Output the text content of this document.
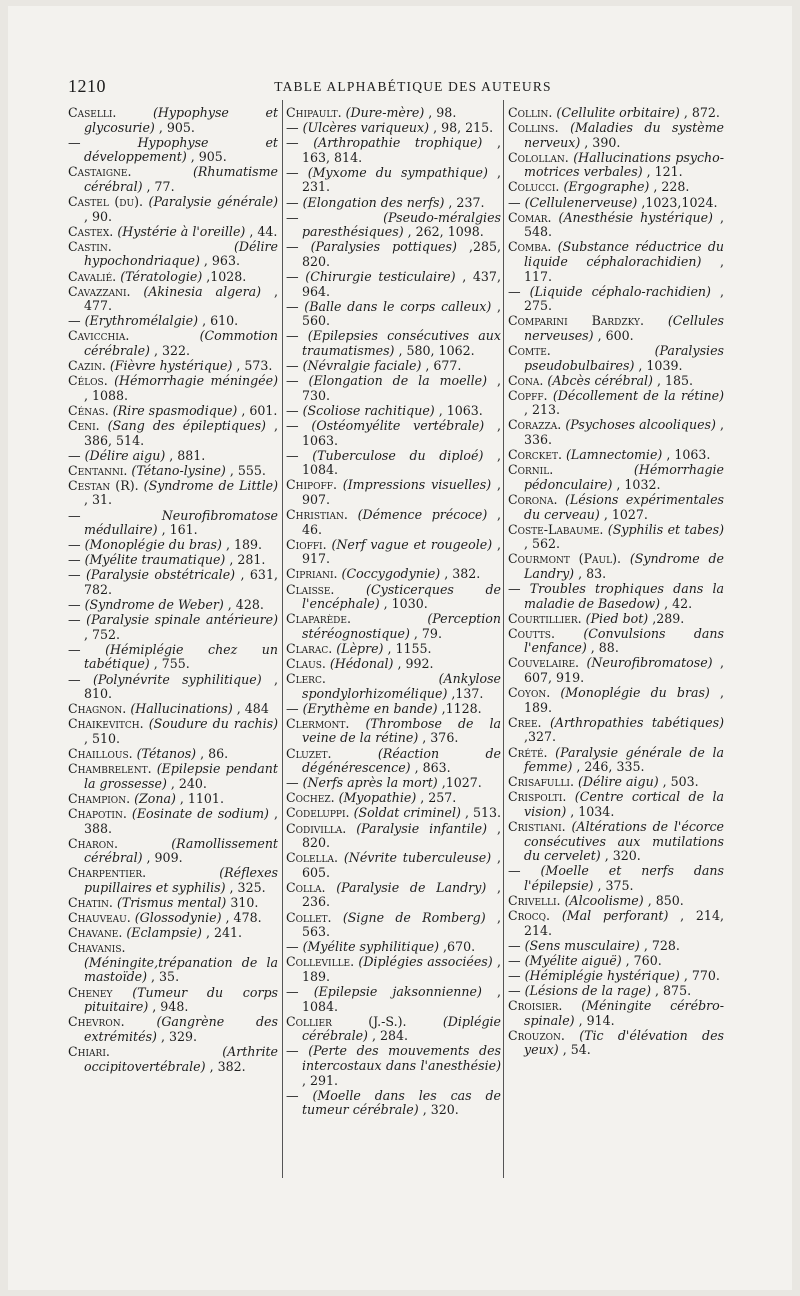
1210	TABLE ALPHABÉTIQUE DES AUTEURS
Caselli.	(Hypophyse et glycosurie) , 905.
—	Hypophyse et développement) , 905.
Castaigne.	(Rhumatisme cérébral) , 77.
Castel (du). (Paralysie générale) , 90.
Castex. (Hystérie à l'oreille) , 44.
Castin.	(Délire hypochondriaque) , 963.
Cavalié. (Tératologie) ,1028.
Cavazzani. (Akinesia algera) , 477.
— (Erythromélalgie) , 610.
Cavicchia.	(Commotion cérébrale) , 322.
Cazin. (Fièvre hystérique) , 573.
Célos. (Hémorrhagie méningée) , 1088.
Cénas. (Rire spasmodique) , 601.
Ceni. (Sang des épileptiques) , 386, 514.
— (Délire aigu) , 881.
Centanni. (Tétano-lysine) , 555.
Cestan (R). (Syndrome de Little) , 31.
—	Neurofibromatose médullaire) , 161.
— (Monoplégie du bras) , 189.
— (Myélite traumatique) , 281.
— (Paralysie obstétricale) , 631, 782.
— (Syndrome de Weber) , 428.
— (Paralysie spinale antérieure) , 752.
— (Hémiplégie chez un tabétique) , 755.
— (Polynévrite syphilitique) , 810.
Chagnon. (Hallucinations) , 484
Chaikevitch. (Soudure du rachis) , 510.
Chaillous. (Tétanos) , 86.
Chambrelent. (Epilepsie pendant la grossesse) , 240.
Champion. (Zona) , 1101.
Chapotin. (Eosinate de sodium) , 388.
Charon.	(Ramollissement cérébral) , 909.
Charpentier.	(Réflexes pupillaires et syphilis) , 325.
Chatin. (Trismus mental) 310.
Chauveau. (Glossodynie) , 478.
Chavane. (Eclampsie) , 241.
Chavanis. (Méningite,trépanation de la mastoïde) , 35.
Cheney (Tumeur du corps pituitaire) , 948.
Chevron.	(Gangrène des extrémités) , 329.
Chiari.	(Arthrite occipitovertébrale) , 382.
Chipault. (Dure-mère) , 98.
— (Ulcères variqueux) , 98, 215.
— (Arthropathie trophique) , 163, 814.
— (Myxome du sympathique) , 231.
— (Elongation des nerfs) , 237.
—	(Pseudo-méralgies paresthésiques) , 262, 1098.
— (Paralysies pottiques) ,285, 820.
— (Chirurgie testiculaire) , 437, 964.
— (Balle dans le corps calleux) , 560.
— (Epilepsies consécutives aux traumatismes) , 580, 1062.
— (Névralgie faciale) , 677.
— (Elongation de la moelle) , 730.
— (Scoliose rachitique) , 1063.
— (Ostéomyélite vertébrale) , 1063.
— (Tuberculose du diploé) , 1084.
Chipoff. (Impressions visuelles) , 907.
Christian. (Démence précoce) , 46.
Cioffi. (Nerf vague et rougeole) , 917.
Cipriani. (Coccygodynie) , 382.
Claisse.	(Cysticerques de l'encéphale) , 1030.
Claparède.	(Perception stéréognostique) , 79.
Clarac. (Lèpre) , 1155.
Claus. (Hédonal) , 992.
Clerc.	(Ankylose spondylorhizomélique) ,137.
— (Erythème en bande) ,1128.
Clermont. (Thrombose de la veine de la rétine) , 376.
Cluzet.	(Réaction de dégénérescence) , 863.
— (Nerfs après la mort) ,1027.
Cochez. (Myopathie) , 257.
Codeluppi. (Soldat criminel) , 513.
Codivilla. (Paralysie infantile) , 820.
Colella. (Névrite tuberculeuse) , 605.
Colla. (Paralysie de Landry) , 236.
Collet. (Signe de Romberg) , 563.
— (Myélite syphilitique) ,670.
Colleville. (Diplégies associées) , 189.
— (Epilepsie jaksonnienne) , 1084.
Collier (J.-S.).	(Diplégie cérébrale) , 284.
— (Perte des mouvements des intercostaux dans l'anesthésie) , 291.
— (Moelle dans les cas de tumeur cérébrale) , 320.
Collin. (Cellulite orbitaire) , 872.
Collins. (Maladies du système nerveux) , 390.
Colollan. (Hallucinations psycho-motrices verbales) , 121.
Colucci. (Ergographe) , 228.
— (Cellulenerveuse) ,1023,1024.
Comar. (Anesthésie hystérique) , 548.
Comba. (Substance réductrice du liquide céphalorachidien) , 117.
— (Liquide céphalo-rachidien) , 275.
Comparini Bardzky. (Cellules nerveuses) , 600.
Comte.	(Paralysies pseudobulbaires) , 1039.
Cona. (Abcès cérébral) , 185.
Copff. (Décollement de la rétine) , 213.
Corazza. (Psychoses alcooliques) , 336.
Corcket. (Lamnectomie) , 1063.
Cornil.	(Hémorrhagie pédonculaire) , 1032.
Corona. (Lésions expérimentales du cerveau) , 1027.
Coste-Labaume. (Syphilis et tabes) , 562.
Courmont (Paul). (Syndrome de Landry) , 83.
— Troubles trophiques dans la maladie de Basedow) , 42.
Courtillier. (Pied bot) ,289.
Coutts. (Convulsions dans l'enfance) , 88.
Couvelaire. (Neurofibromatose) , 607, 919.
Coyon. (Monoplégie du bras) , 189.
Cree. (Arthropathies tabétiques) ,327.
Crété. (Paralysie générale de la femme) , 246, 335.
Crisafulli. (Délire aigu) , 503.
Crispolti. (Centre cortical de la vision) , 1034.
Cristiani. (Altérations de l'écorce consécutives aux mutilations du cervelet) , 320.
— (Moelle et nerfs dans l'épilepsie) , 375.
Crivelli. (Alcoolisme) , 850.
Crocq. (Mal perforant) , 214, 214.
— (Sens musculaire) , 728.
— (Myélite aiguë) , 760.
— (Hémiplégie hystérique) , 770.
— (Lésions de la rage) , 875.
Croisier. (Méningite cérébro-spinale) , 914.
Crouzon. (Tic d'élévation des yeux) , 54.
